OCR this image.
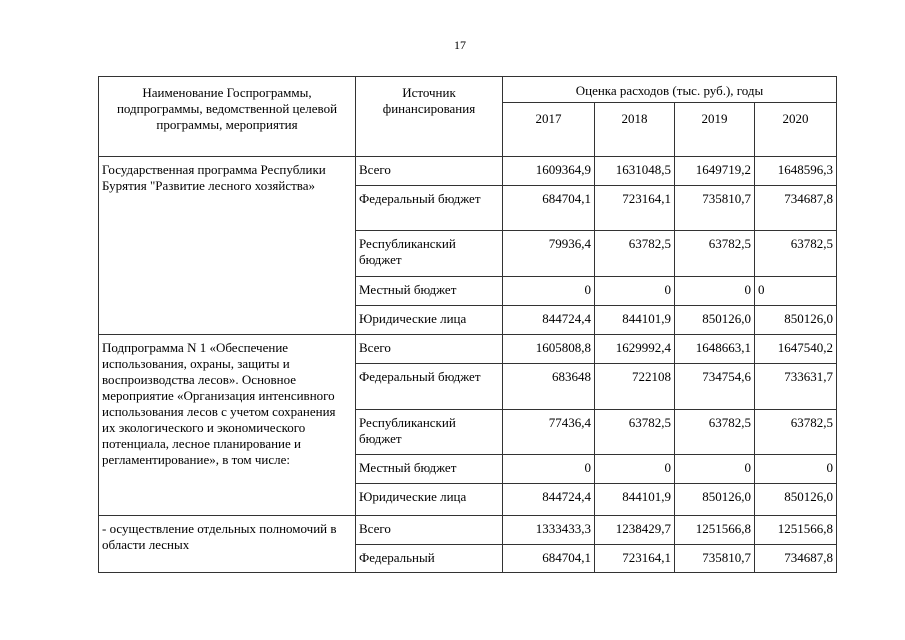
17
Наименование Госпрограммы, подпрограммы, ведомственной целевой программы, мероприятия	Источник финансирования	Оценка расходов (тыс. руб.), годы			
		2017	2018	2019	2020
Государственная программа Республики Бурятия "Развитие лесного хозяйства»	Всего	1609364,9	1631048,5	1649719,2	1648596,3
	Федеральный бюджет	684704,1	723164,1	735810,7	734687,8
	Республиканский бюджет	79936,4	63782,5	63782,5	63782,5
	Местный бюджет	0	0	0	0
	Юридические лица	844724,4	844101,9	850126,0	850126,0
Подпрограмма N 1 «Обеспечение использования, охраны, защиты и воспроизводства лесов». Основное мероприятие «Организация интенсивного использования лесов с учетом сохранения их экологического и экономического потенциала, лесное планирование и регламентирование», в том числе:	Всего	1605808,8	1629992,4	1648663,1	1647540,2
	Федеральный бюджет	683648	722108	734754,6	733631,7
	Республиканский бюджет	77436,4	63782,5	63782,5	63782,5
	Местный бюджет	0	0	0	0
	Юридические лица	844724,4	844101,9	850126,0	850126,0
- осуществление отдельных полномочий в области лесных	Всего	1333433,3	1238429,7	1251566,8	1251566,8
	Федеральный	684704,1	723164,1	735810,7	734687,8
